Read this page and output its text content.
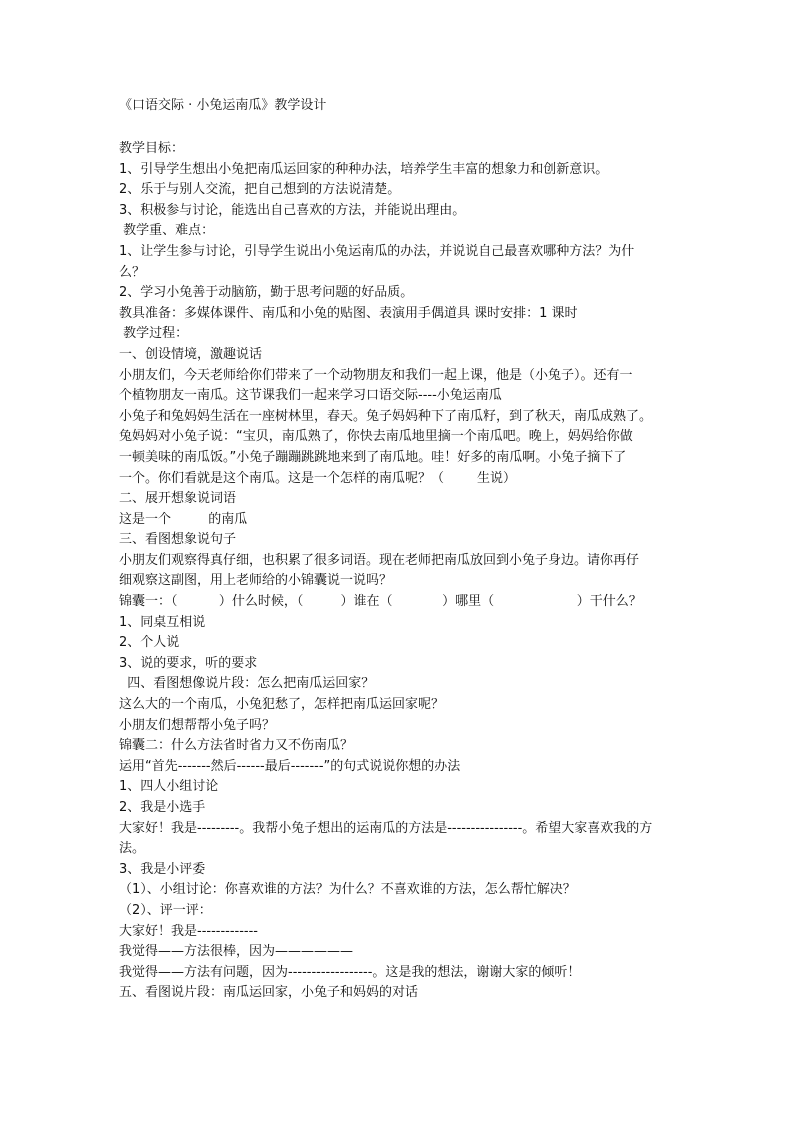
《口语交际 · 小兔运南瓜》教学设计
教学目标：
1、引导学生想出小兔把南瓜运回家的种种办法，培养学生丰富的想象力和创新意识。
2、乐于与别人交流，把自己想到的方法说清楚。
3、积极参与讨论，能选出自己喜欢的方法，并能说出理由。
教学重、难点：
1、让学生参与讨论，引导学生说出小兔运南瓜的办法，并说说自己最喜欢哪种方法？为什
么？
2、学习小兔善于动脑筋，勤于思考问题的好品质。
教具准备：多媒体课件、南瓜和小兔的贴图、表演用手偶道具 课时安排：1 课时
教学过程：
一、创设情境，激趣说话
小朋友们，今天老师给你们带来了一个动物朋友和我们一起上课，他是（小兔子）。还有一
个植物朋友一南瓜。这节课我们一起来学习口语交际----小兔运南瓜
小兔子和兔妈妈生活在一座树林里，春天。兔子妈妈种下了南瓜籽，到了秋天，南瓜成熟了。
兔妈妈对小兔子说：“宝贝，南瓜熟了，你快去南瓜地里摘一个南瓜吧。晚上，妈妈给你做
一顿美味的南瓜饭。”小兔子蹦蹦跳跳地来到了南瓜地。哇！好多的南瓜啊。小兔子摘下了
一个。你们看就是这个南瓜。这是一个怎样的南瓜呢？（        生说）
二、展开想象说词语
这是一个         的南瓜
三、看图想象说句子
小朋友们观察得真仔细，也积累了很多词语。现在老师把南瓜放回到小兔子身边。请你再仔
细观察这副图，用上老师给的小锦囊说一说吗？
锦囊一：（          ）什么时候，（         ）谁在（            ）哪里（                    ）干什么？
1、同桌互相说
2、个人说
3、说的要求，听的要求
四、看图想像说片段：怎么把南瓜运回家？
这么大的一个南瓜，小兔犯愁了，怎样把南瓜运回家呢？
小朋友们想帮帮小兔子吗？
锦囊二：什么方法省时省力又不伤南瓜？
运用“首先-------然后------最后-------”的句式说说你想的办法
1、四人小组讨论
2、我是小选手
大家好！我是---------。我帮小兔子想出的运南瓜的方法是----------------。希望大家喜欢我的方
法。
3、我是小评委
（1）、小组讨论：你喜欢谁的方法？为什么？不喜欢谁的方法，怎么帮忙解决？
（2）、评一评：
大家好！我是-------------
我觉得——方法很棒，因为——————
我觉得——方法有问题，因为------------------。这是我的想法，谢谢大家的倾听！
五、看图说片段：南瓜运回家，小兔子和妈妈的对话
